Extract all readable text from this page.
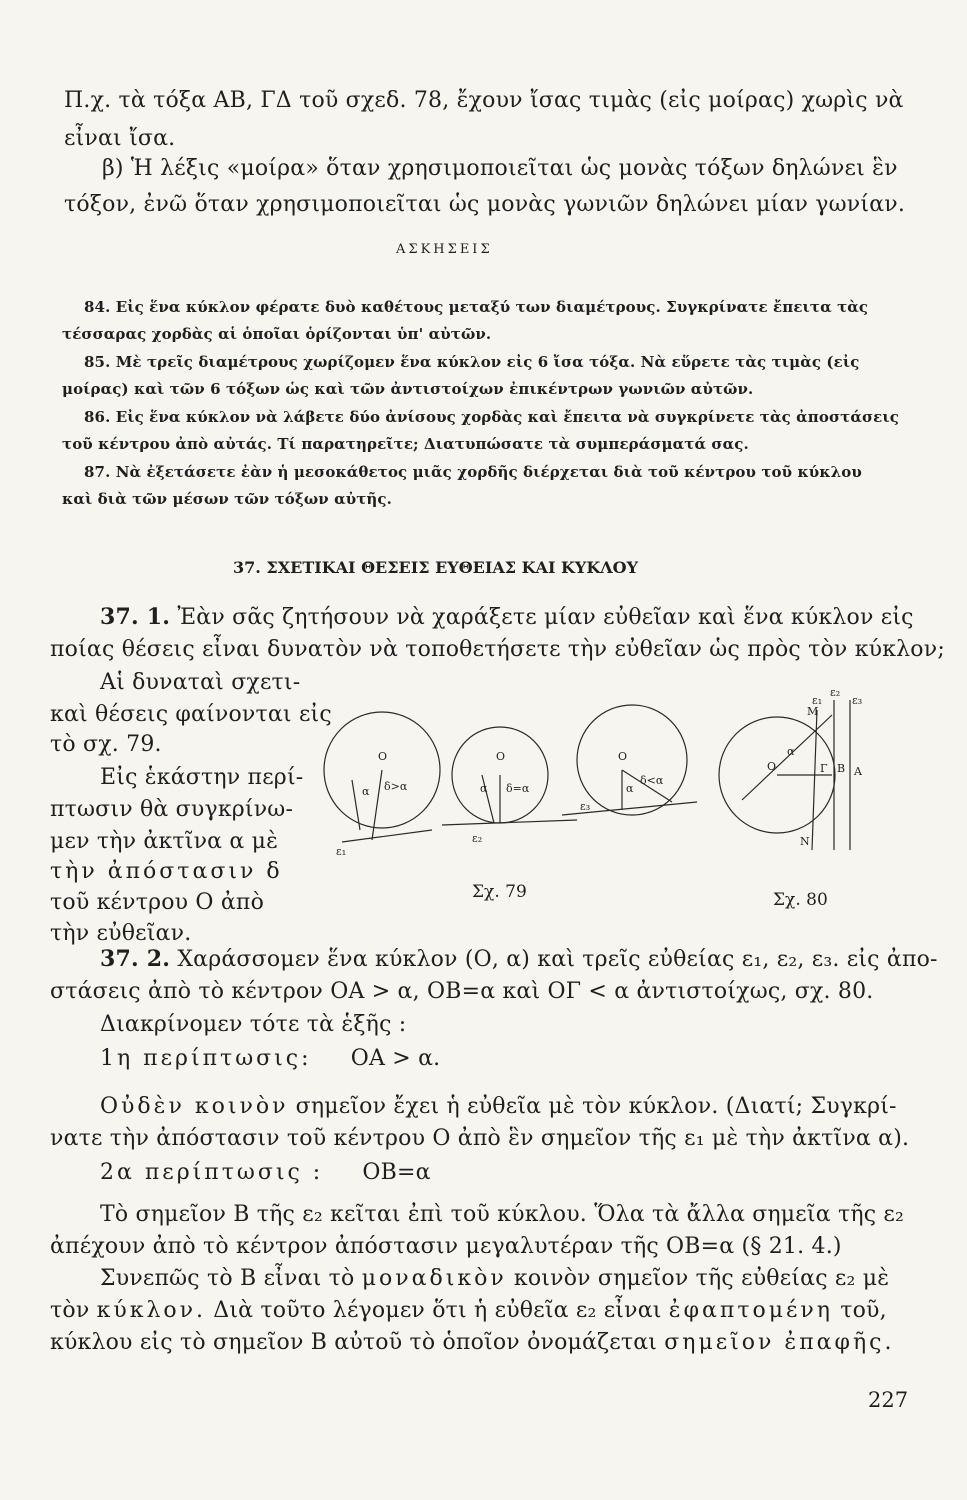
Π.χ. τὰ τόξα ΑΒ, ΓΔ τοῦ σχεδ. 78, ἔχουν ἴσας τιμὰς (εἰς μοίρας) χωρὶς νὰ
εἶναι ἴσα.
β) Ἡ λέξις «μοίρα» ὅταν χρησιμοποιεῖται ὡς μονὰς τόξων δηλώνει ἓν
τόξον, ἐνῶ ὅταν χρησιμοποιεῖται ὡς μονὰς γωνιῶν δηλώνει μίαν γωνίαν.
ΑΣΚΗΣΕΙΣ
84. Εἰς ἕνα κύκλον φέρατε δυὸ καθέτους μεταξύ των διαμέτρους. Συγκρίνατε ἔπειτα τὰς
τέσσαρας χορδὰς αἱ ὁποῖαι ὁρίζονται ὑπ' αὐτῶν.
85. Μὲ τρεῖς διαμέτρους χωρίζομεν ἕνα κύκλον εἰς 6 ἴσα τόξα. Νὰ εὕρετε τὰς τιμὰς (εἰς
μοίρας) καὶ τῶν 6 τόξων ὡς καὶ τῶν ἀντιστοίχων ἐπικέντρων γωνιῶν αὐτῶν.
86. Εἰς ἕνα κύκλον νὰ λάβετε δύο ἀνίσους χορδὰς καὶ ἔπειτα νὰ συγκρίνετε τὰς ἀποστάσεις
τοῦ κέντρου ἀπὸ αὐτάς. Τί παρατηρεῖτε; Διατυπώσατε τὰ συμπεράσματά σας.
87. Νὰ ἐξετάσετε ἐὰν ἡ μεσοκάθετος μιᾶς χορδῆς διέρχεται διὰ τοῦ κέντρου τοῦ κύκλου
καὶ διὰ τῶν μέσων τῶν τόξων αὐτῆς.
37. ΣΧΕΤΙΚΑΙ ΘΕΣΕΙΣ ΕΥΘΕΙΑΣ ΚΑΙ ΚΥΚΛΟΥ
37. 1. Ἐὰν σᾶς ζητήσουν νὰ χαράξετε μίαν εὐθεῖαν καὶ ἕνα κύκλον εἰς
ποίας θέσεις εἶναι δυνατὸν νὰ τοποθετήσετε τὴν εὐθεῖαν ὡς πρὸς τὸν κύκλον;
Αἱ δυναταὶ σχετι-
καὶ θέσεις φαίνονται εἰς
τὸ σχ. 79.
Εἰς ἑκάστην περί-
πτωσιν θὰ συγκρίνω-
μεν τὴν ἀκτῖνα α μὲ
τὴν ἀπόστασιν δ
τοῦ κέντρου Ο ἀπὸ
τὴν εὐθεῖαν.
O
δ>α
α
ε₁
O
δ=α
α
ε₂
O
δ<α
α
ε₃
ε₁
ε₂
ε₃
Α
Β
Γ
M
N
O
α
Σχ. 79	Σχ. 80
37. 2. Χαράσσομεν ἕνα κύκλον (Ο, α) καὶ τρεῖς εὐθείας ε₁, ε₂, ε₃. εἰς ἀπο-
στάσεις ἀπὸ τὸ κέντρον ΟΑ > α, ΟΒ=α καὶ ΟΓ < α ἀντιστοίχως, σχ. 80.
Διακρίνομεν τότε τὰ ἑξῆς :
1η περίπτωσις: ΟΑ > α.
Οὐδὲν κοινὸν σημεῖον ἔχει ἡ εὐθεῖα μὲ τὸν κύκλον. (Διατί; Συγκρί-
νατε τὴν ἀπόστασιν τοῦ κέντρου Ο ἀπὸ ἓν σημεῖον τῆς ε₁ μὲ τὴν ἀκτῖνα α).
2α περίπτωσις : ΟΒ=α
Τὸ σημεῖον Β τῆς ε₂ κεῖται ἐπὶ τοῦ κύκλου. Ὅλα τὰ ἄλλα σημεῖα τῆς ε₂
ἀπέχουν ἀπὸ τὸ κέντρον ἀπόστασιν μεγαλυτέραν τῆς ΟΒ=α (§ 21. 4.)
Συνεπῶς τὸ Β εἶναι τὸ μοναδικὸν κοινὸν σημεῖον τῆς εὐθείας ε₂ μὲ
τὸν κύκλον. Διὰ τοῦτο λέγομεν ὅτι ἡ εὐθεῖα ε₂ εἶναι ἐφαπτομένη τοῦ,
κύκλου εἰς τὸ σημεῖον Β αὐτοῦ τὸ ὁποῖον ὀνομάζεται σημεῖον ἐπαφῆς.
227
